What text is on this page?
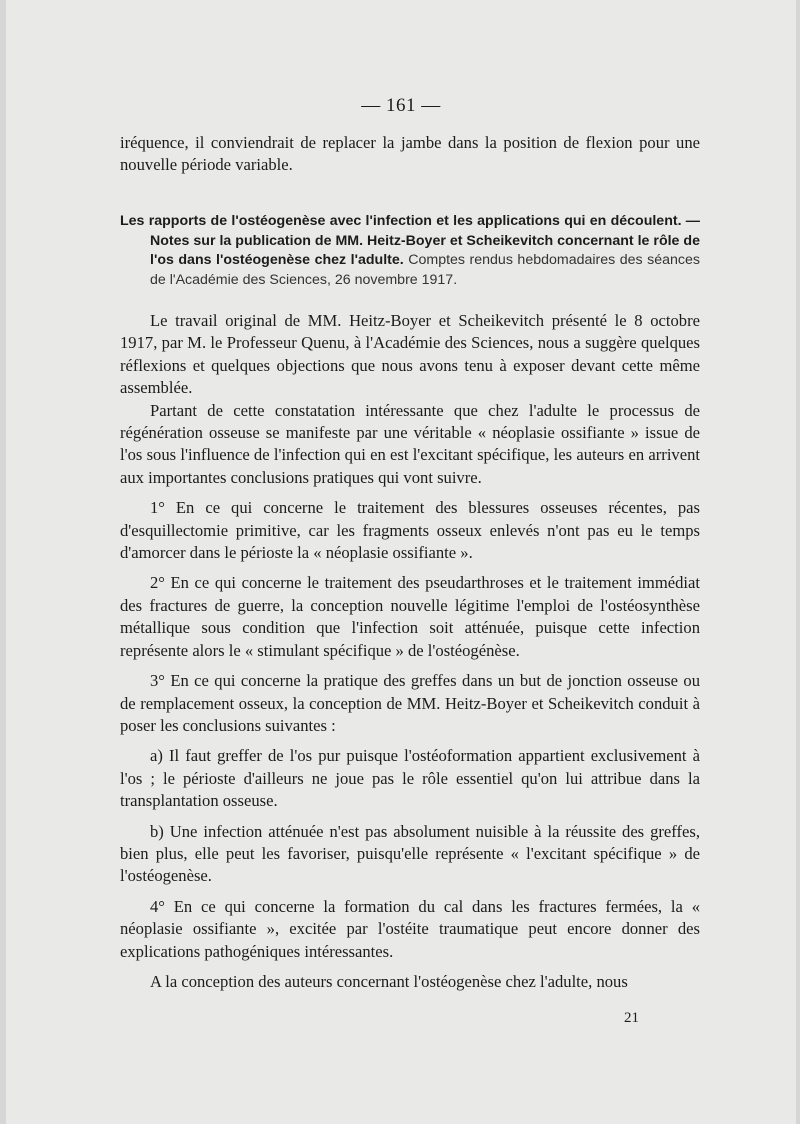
— 161 —

iréquence, il conviendrait de replacer la jambe dans la position de flexion pour une nouvelle période variable.

Les rapports de l'ostéogenèse avec l'infection et les applications qui en découlent. — Notes sur la publication de MM. Heitz-Boyer et Scheikevitch concernant le rôle de l'os dans l'ostéogenèse chez l'adulte. Comptes rendus hebdomadaires des séances de l'Académie des Sciences, 26 novembre 1917.

Le travail original de MM. Heitz-Boyer et Scheikevitch présenté le 8 octobre 1917, par M. le Professeur Quenu, à l'Académie des Sciences, nous a suggère quelques réflexions et quelques objections que nous avons tenu à exposer devant cette même assemblée.

Partant de cette constatation intéressante que chez l'adulte le processus de régénération osseuse se manifeste par une véritable « néoplasie ossifiante » issue de l'os sous l'influence de l'infection qui en est l'excitant spécifique, les auteurs en arrivent aux importantes conclusions pratiques qui vont suivre.

1° En ce qui concerne le traitement des blessures osseuses récentes, pas d'esquillectomie primitive, car les fragments osseux enlevés n'ont pas eu le temps d'amorcer dans le périoste la « néoplasie ossifiante ».

2° En ce qui concerne le traitement des pseudarthroses et le traitement immédiat des fractures de guerre, la conception nouvelle légitime l'emploi de l'ostéosynthèse métallique sous condition que l'infection soit atténuée, puisque cette infection représente alors le « stimulant spécifique » de l'ostéogénèse.

3° En ce qui concerne la pratique des greffes dans un but de jonction osseuse ou de remplacement osseux, la conception de MM. Heitz-Boyer et Scheikevitch conduit à poser les conclusions suivantes :

a) Il faut greffer de l'os pur puisque l'ostéoformation appartient exclusivement à l'os ; le périoste d'ailleurs ne joue pas le rôle essentiel qu'on lui attribue dans la transplantation osseuse.

b) Une infection atténuée n'est pas absolument nuisible à la réussite des greffes, bien plus, elle peut les favoriser, puisqu'elle représente « l'excitant spécifique » de l'ostéogenèse.

4° En ce qui concerne la formation du cal dans les fractures fermées, la « néoplasie ossifiante », excitée par l'ostéite traumatique peut encore donner des explications pathogéniques intéressantes.

A la conception des auteurs concernant l'ostéogenèse chez l'adulte, nous

21
